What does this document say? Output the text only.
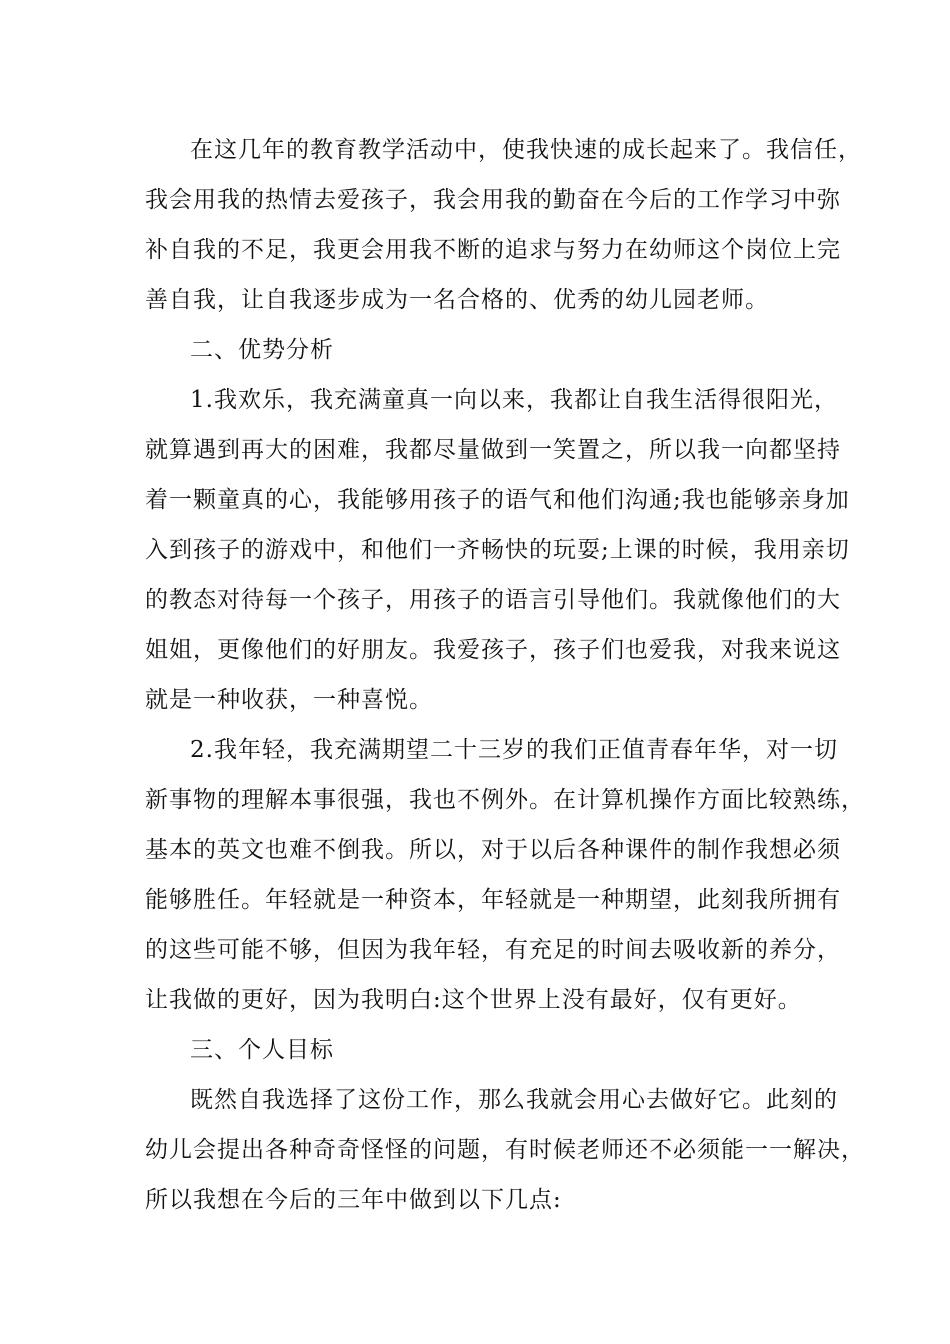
在这几年的教育教学活动中，使我快速的成长起来了。我信任，
我会用我的热情去爱孩子，我会用我的勤奋在今后的工作学习中弥
补自我的不足，我更会用我不断的追求与努力在幼师这个岗位上完
善自我，让自我逐步成为一名合格的、优秀的幼儿园老师。
二、优势分析
1.我欢乐，我充满童真一向以来，我都让自我生活得很阳光，
就算遇到再大的困难，我都尽量做到一笑置之，所以我一向都坚持
着一颗童真的心，我能够用孩子的语气和他们沟通;我也能够亲身加
入到孩子的游戏中，和他们一齐畅快的玩耍;上课的时候，我用亲切
的教态对待每一个孩子，用孩子的语言引导他们。我就像他们的大
姐姐，更像他们的好朋友。我爱孩子，孩子们也爱我，对我来说这
就是一种收获，一种喜悦。
2.我年轻，我充满期望二十三岁的我们正值青春年华，对一切
新事物的理解本事很强，我也不例外。在计算机操作方面比较熟练，
基本的英文也难不倒我。所以，对于以后各种课件的制作我想必须
能够胜任。年轻就是一种资本，年轻就是一种期望，此刻我所拥有
的这些可能不够，但因为我年轻，有充足的时间去吸收新的养分，
让我做的更好，因为我明白:这个世界上没有最好，仅有更好。
三、个人目标
既然自我选择了这份工作，那么我就会用心去做好它。此刻的
幼儿会提出各种奇奇怪怪的问题，有时候老师还不必须能一一解决，
所以我想在今后的三年中做到以下几点:
